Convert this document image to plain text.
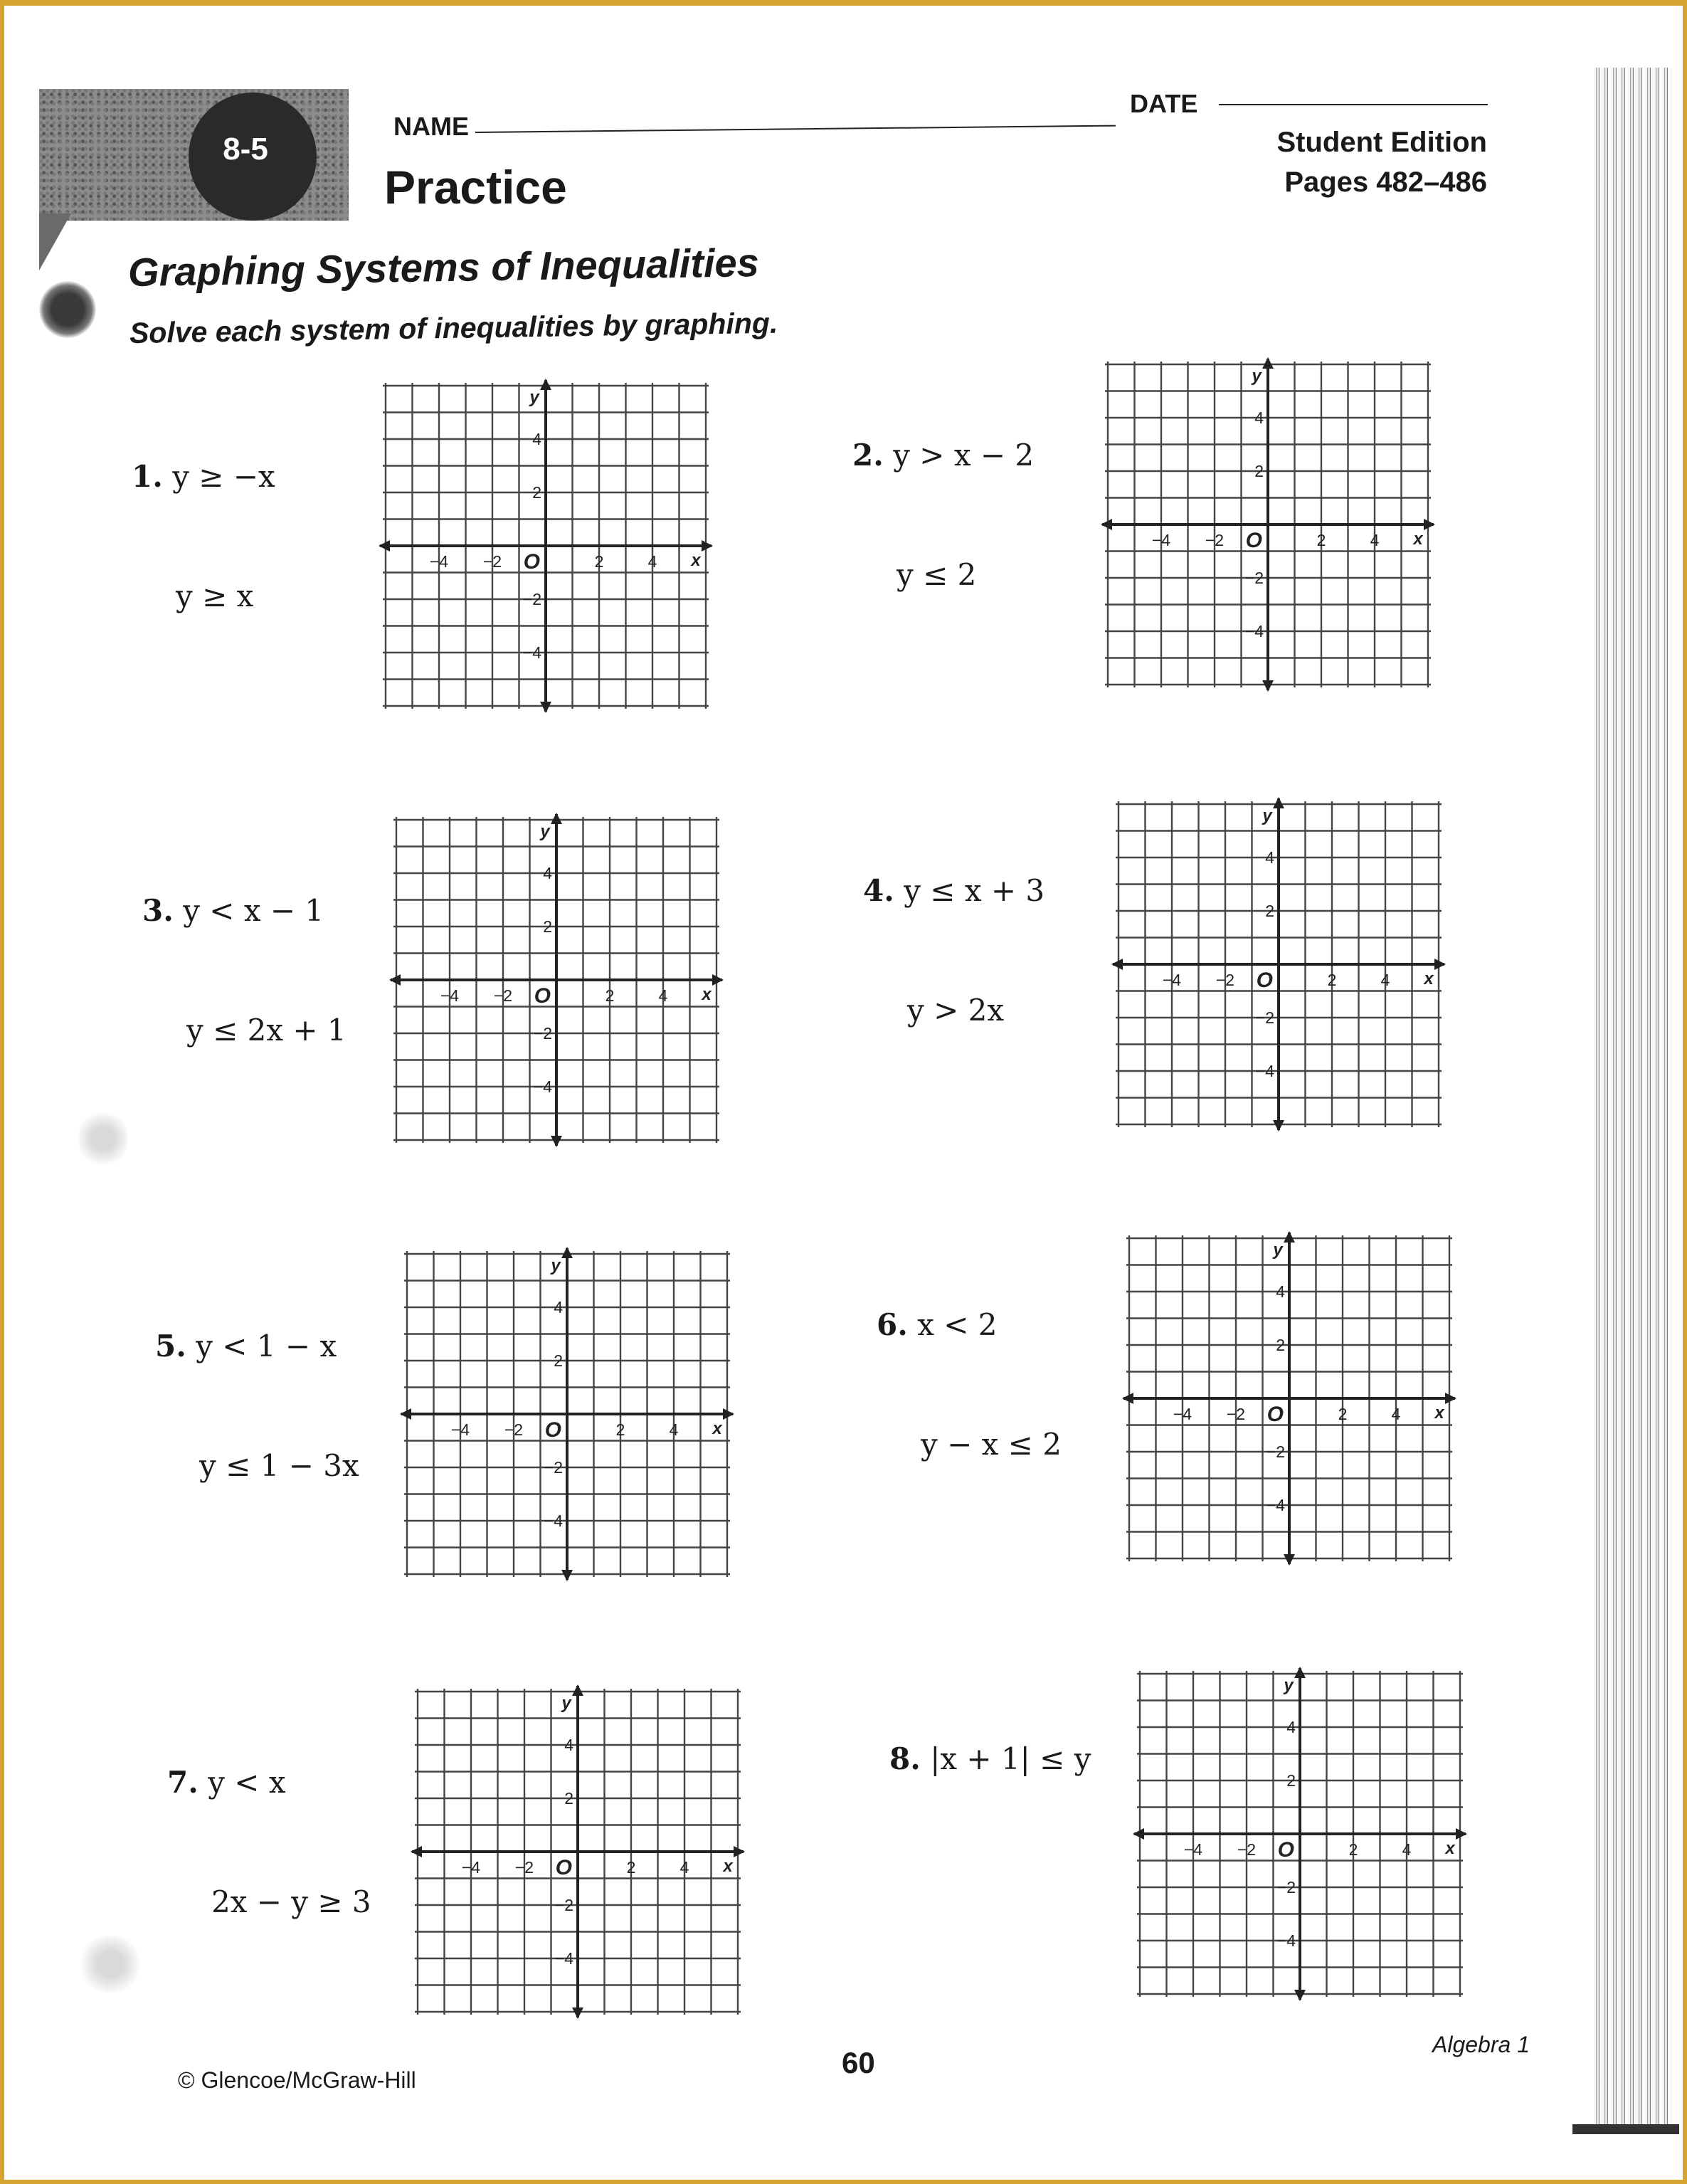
8-5
NAME
DATE
Practice
Student Edition
Pages 482–486
Graphing Systems of Inequalities
Solve each system of inequalities by graphing.

1. y ≥ −x

y ≥ x

2. y > x − 2

y ≤ 2

3. y < x − 1

y ≤ 2x + 1

4. y ≤ x + 3

y > 2x

5. y < 1 − x

y ≤ 1 − 3x

6. x < 2

y − x ≤ 2

7. y < x

2x − y ≥ 3

8. |x + 1| ≤ y

−4 −2	2	4
4
2
−2
−4
O	x
y
−4 −2	2	4
4
2
−2
−4
O	x
y
−4 −2	2	4
4
2
−2
−4
O	x
y
−4 −2	2	4
4
2
−2
−4
O	x
y
−4 −2	2	4
4
2
−2
−4
O	x
y
−4 −2	2	4
4
2
−2
−4
O	x
y
−4 −2	2	4
4
2
−2
−4
O	x
y
−4 −2	2	4
4
2
−2
−4
O	x
y
© Glencoe/McGraw-Hill
60
Algebra 1
